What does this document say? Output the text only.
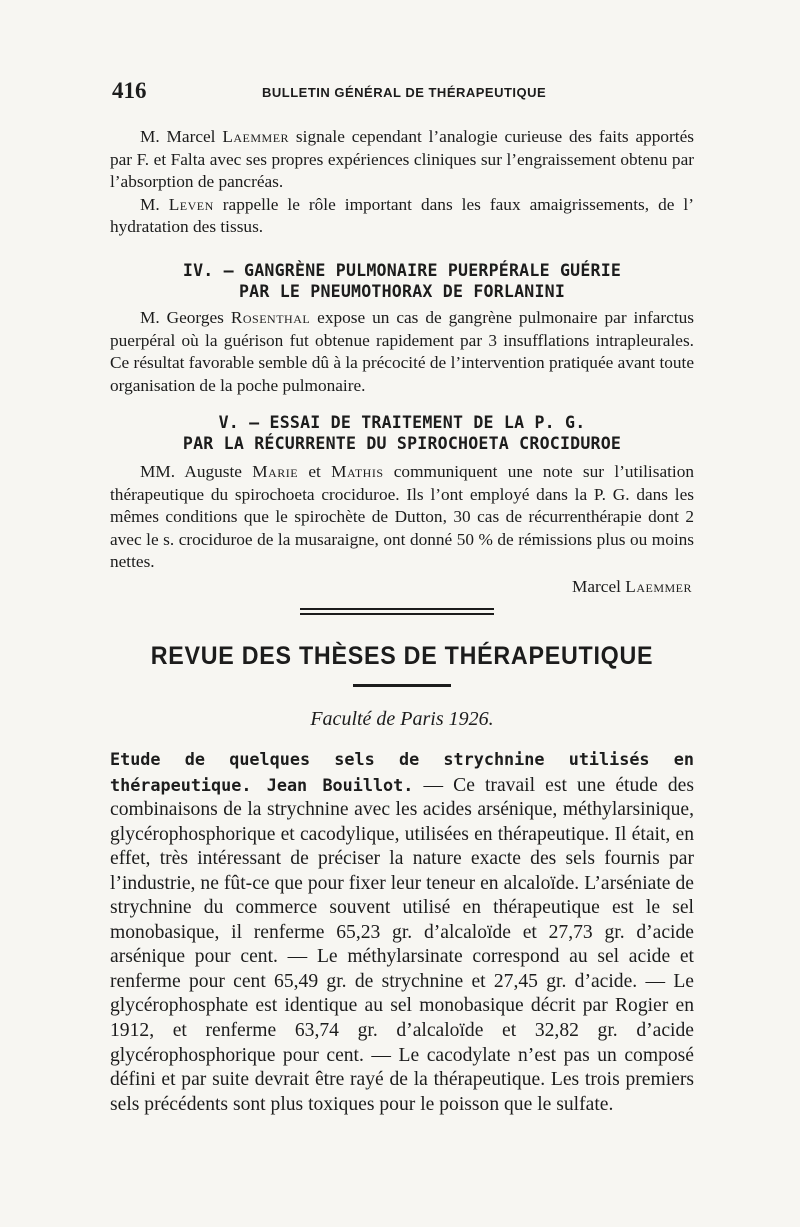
416	BULLETIN GÉNÉRAL DE THÉRAPEUTIQUE

M. Marcel Laemmer signale cependant l’analogie curieuse des faits apportés par F. et Falta avec ses propres expériences cliniques sur l’engraissement obtenu par l’absorption de pancréas.

M. Leven rappelle le rôle important dans les faux amaigrissements, de l’ hydratation des tissus.

IV. — GANGRÈNE PULMONAIRE PUERPÉRALE GUÉRIE
PAR LE PNEUMOTHORAX DE FORLANINI

M. Georges Rosenthal expose un cas de gangrène pulmonaire par infarctus puerpéral où la guérison fut obtenue rapidement par 3 insufflations intrapleurales. Ce résultat favorable semble dû à la précocité de l’intervention pratiquée avant toute organisation de la poche pulmonaire.

V. — ESSAI DE TRAITEMENT DE LA P. G.
PAR LA RÉCURRENTE DU SPIROCHOETA CROCIDUROE

MM. Auguste Marie et Mathis communiquent une note sur l’utilisation thérapeutique du spirochoeta crociduroe. Ils l’ont employé dans la P. G. dans les mêmes conditions que le spirochète de Dutton, 30 cas de récurrenthérapie dont 2 avec le s. crociduroe de la musaraigne, ont donné 50 % de rémissions plus ou moins nettes.

Marcel Laemmer
REVUE DES THÈSES DE THÉRAPEUTIQUE
Faculté de Paris 1926.

Etude de quelques sels de strychnine utilisés en thérapeutique. Jean Bouillot. — Ce travail est une étude des combinaisons de la strychnine avec les acides arsénique, méthylarsinique, glycérophosphorique et cacodylique, utilisées en thérapeutique. Il était, en effet, très intéressant de préciser la nature exacte des sels fournis par l’industrie, ne fût-ce que pour fixer leur teneur en alcaloïde. L’arséniate de strychnine du commerce souvent utilisé en thérapeutique est le sel monobasique, il renferme 65,23 gr. d’alcaloïde et 27,73 gr. d’acide arsénique pour cent. — Le méthylarsinate correspond au sel acide et renferme pour cent 65,49 gr. de strychnine et 27,45 gr. d’acide. — Le glycérophosphate est identique au sel monobasique décrit par Rogier en 1912, et renferme 63,74 gr. d’alcaloïde et 32,82 gr. d’acide glycérophosphorique pour cent. — Le cacodylate n’est pas un composé défini et par suite devrait être rayé de la thérapeutique. Les trois premiers sels précédents sont plus toxiques pour le poisson que le sulfate.
